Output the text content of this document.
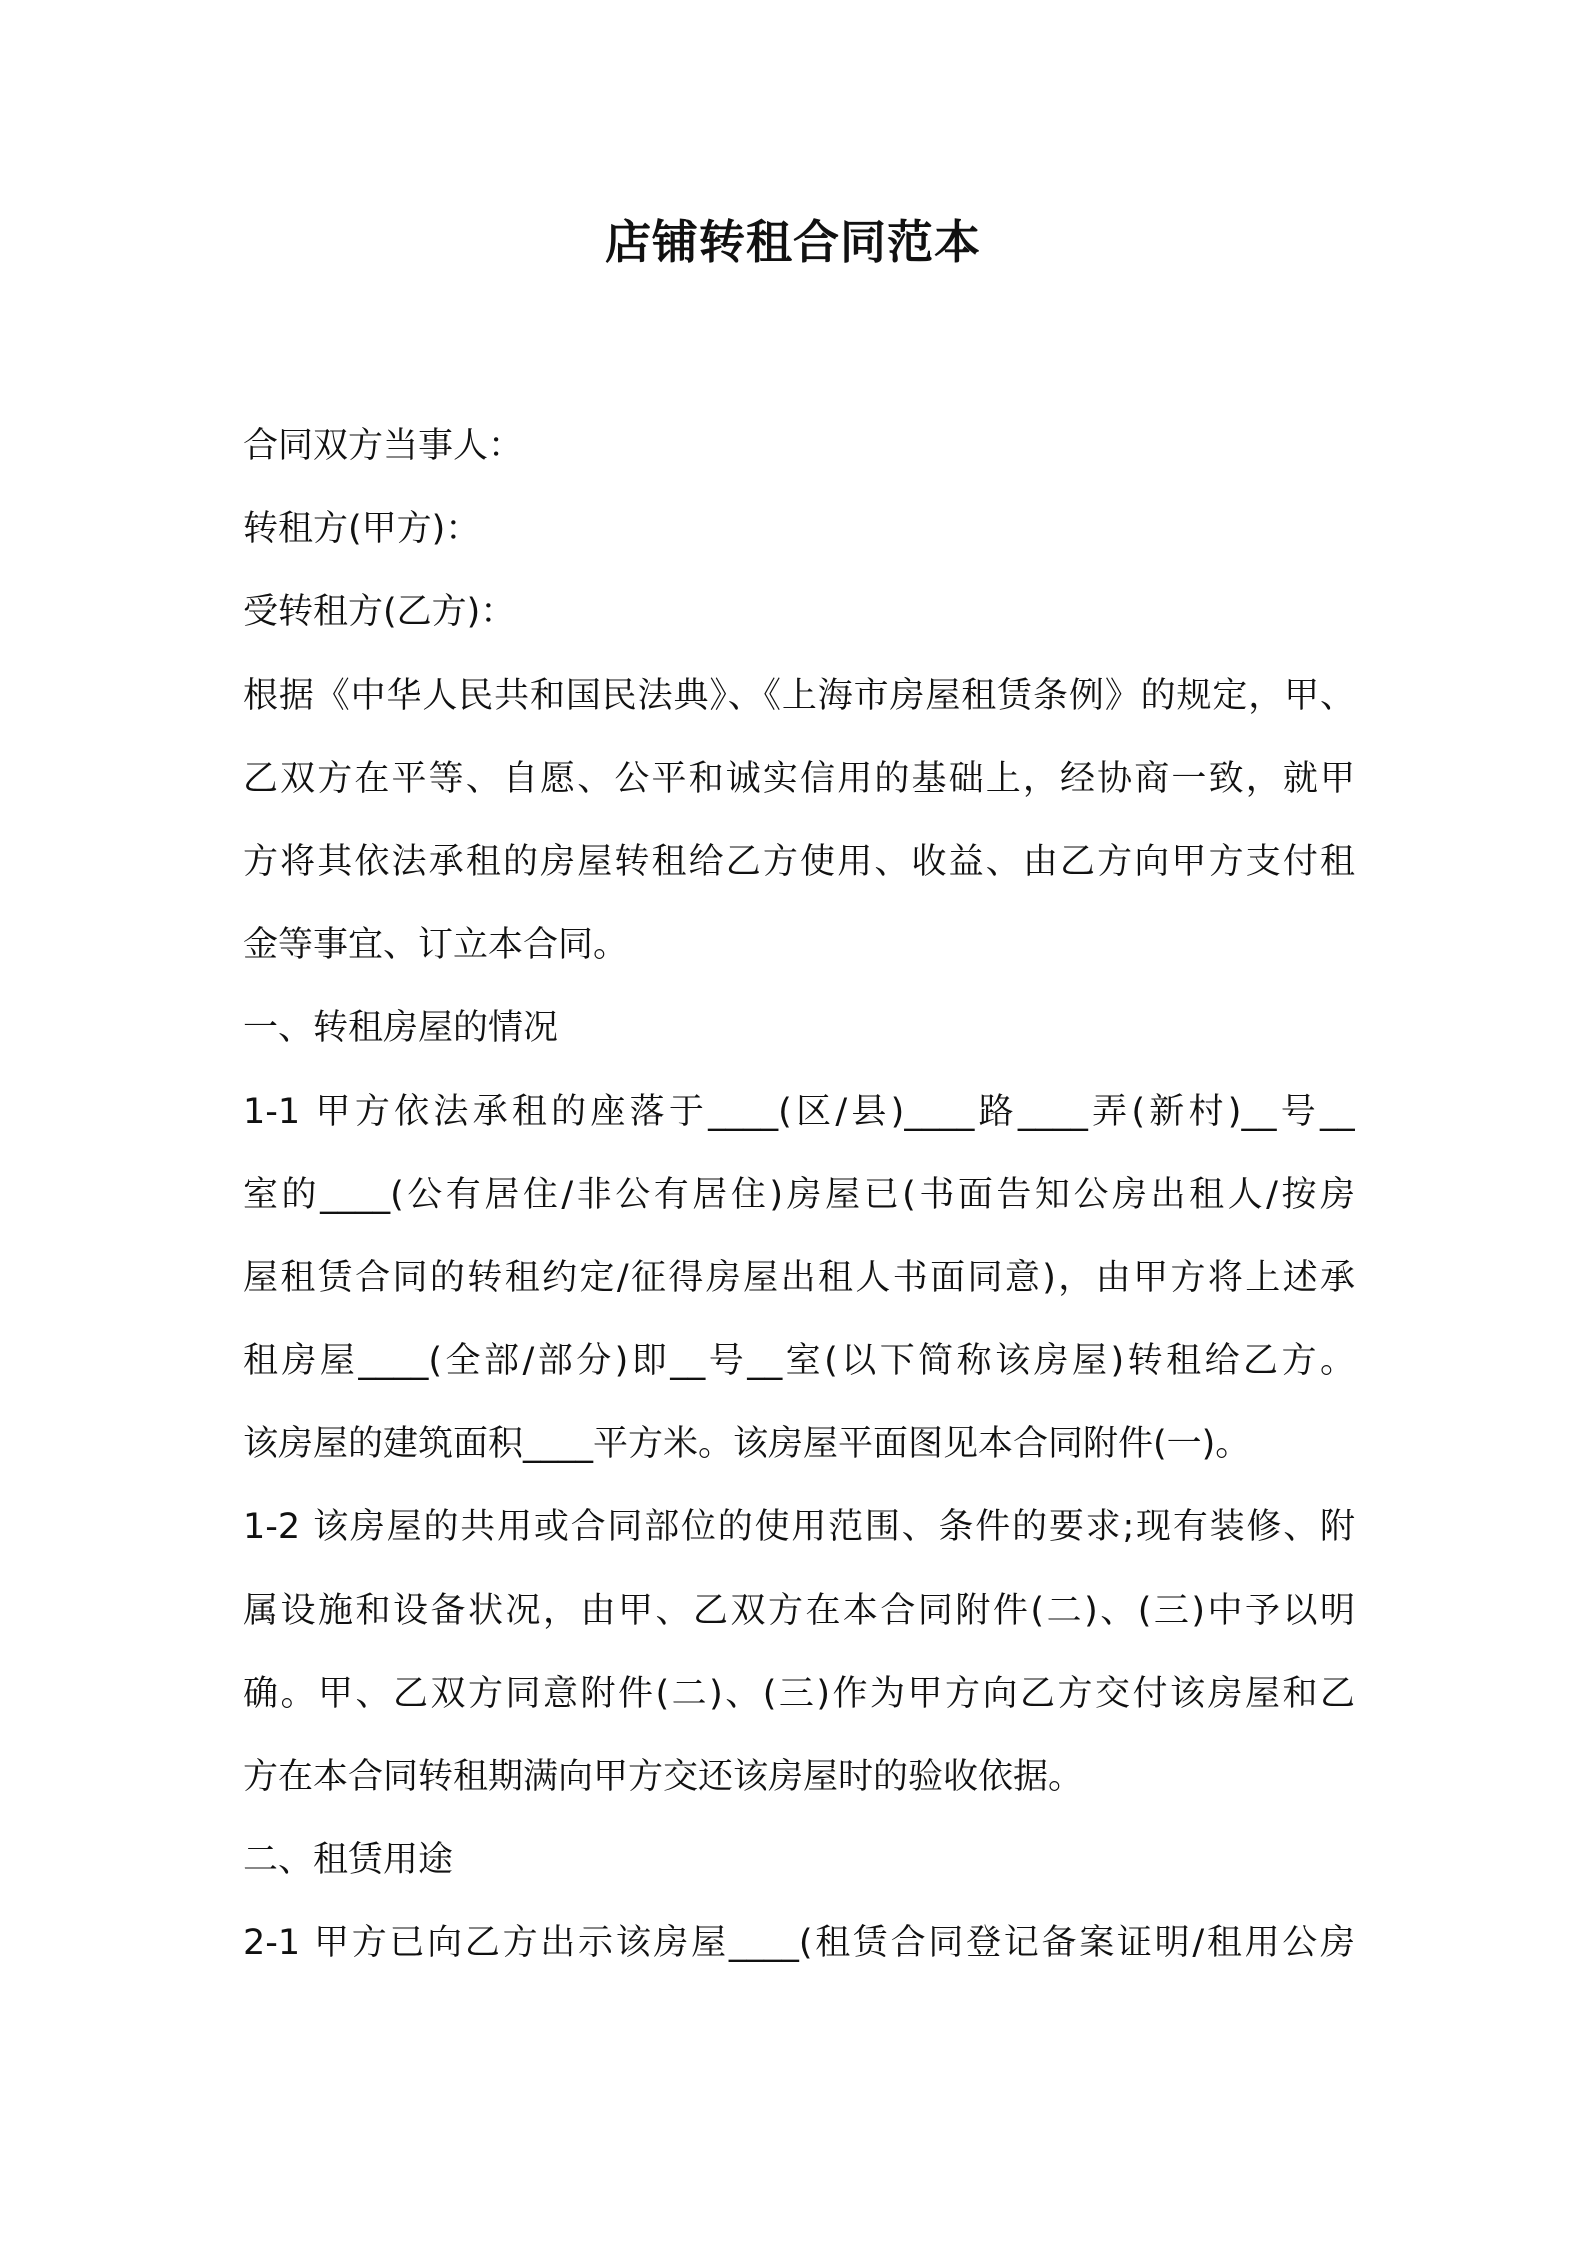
店铺转租合同范本
合同双方当事人：
转租方(甲方)：
受转租方(乙方)：
根据《中华人民共和国民法典》、《上海市房屋租赁条例》的规定，甲、
乙双方在平等、自愿、公平和诚实信用的基础上，经协商一致，就甲
方将其依法承租的房屋转租给乙方使用、收益、由乙方向甲方支付租
金等事宜、订立本合同。
一、转租房屋的情况
1-1 甲方依法承租的座落于____(区/县)____路____弄(新村)__号__
室的____(公有居住/非公有居住)房屋已(书面告知公房出租人/按房
屋租赁合同的转租约定/征得房屋出租人书面同意)，由甲方将上述承
租房屋____(全部/部分)即__号__室(以下简称该房屋)转租给乙方。
该房屋的建筑面积____平方米。该房屋平面图见本合同附件(一)。
1-2 该房屋的共用或合同部位的使用范围、条件的要求;现有装修、附
属设施和设备状况，由甲、乙双方在本合同附件(二)、(三)中予以明
确。甲、乙双方同意附件(二)、(三)作为甲方向乙方交付该房屋和乙
方在本合同转租期满向甲方交还该房屋时的验收依据。
二、租赁用途
2-1 甲方已向乙方出示该房屋____(租赁合同登记备案证明/租用公房
